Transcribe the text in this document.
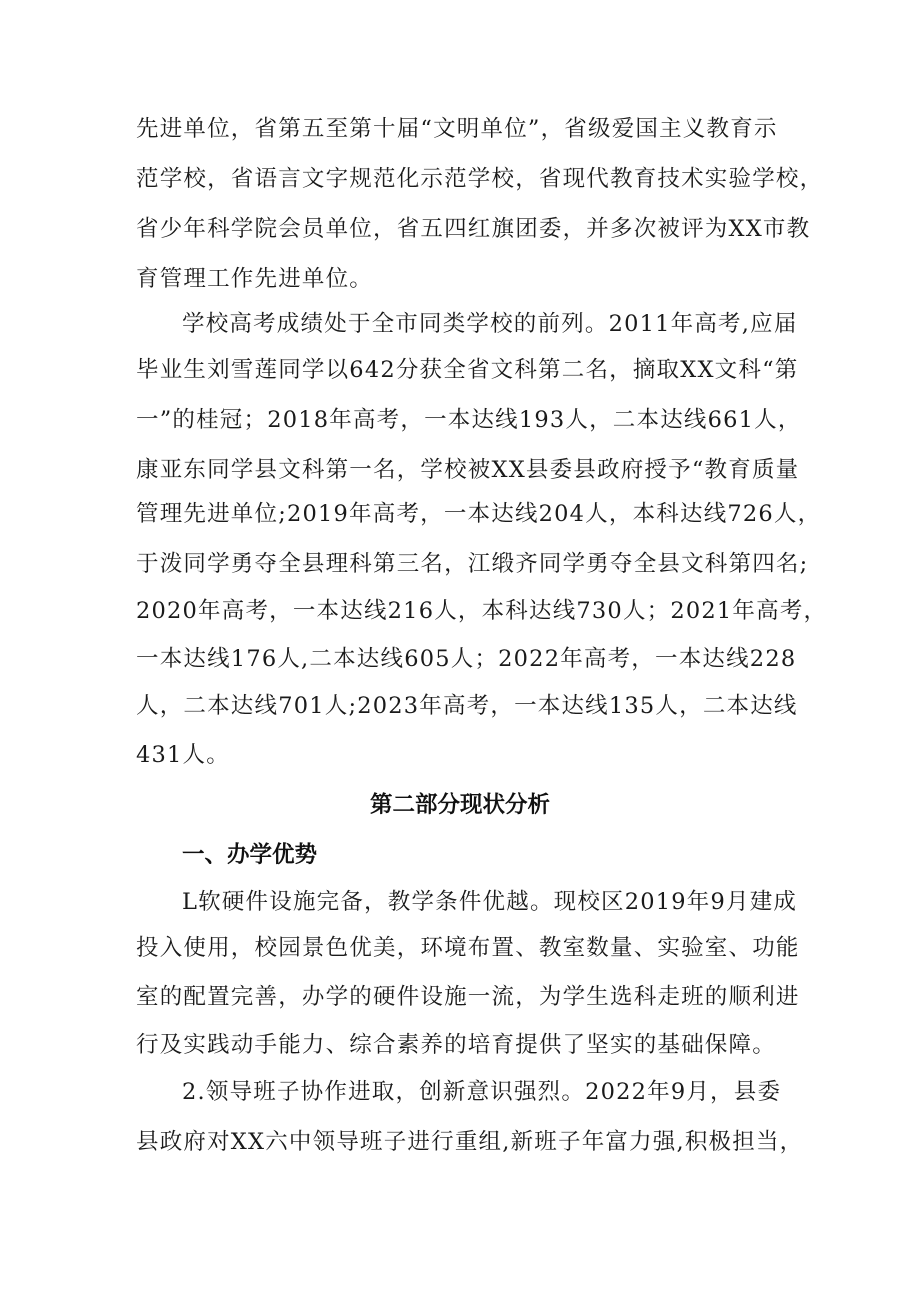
先进单位，省第五至第十届“文明单位”，省级爱国主义教育示
范学校，省语言文字规范化示范学校，省现代教育技术实验学校，
省少年科学院会员单位，省五四红旗团委，并多次被评为XX市教
育管理工作先进单位。
学校高考成绩处于全市同类学校的前列。2011年高考,应届
毕业生刘雪莲同学以642分获全省文科第二名，摘取XX文科“第
一”的桂冠；2018年高考，一本达线193人，二本达线661人，
康亚东同学县文科第一名，学校被XX县委县政府授予“教育质量
管理先进单位;2019年高考，一本达线204人，本科达线726人，
于泼同学勇夺全县理科第三名，江缎齐同学勇夺全县文科第四名;
2020年高考，一本达线216人，本科达线730人；2021年高考，
一本达线176人,二本达线605人；2022年高考，一本达线228
人，二本达线701人;2023年高考，一本达线135人，二本达线
431人。
第二部分现状分析
一、办学优势
L软硬件设施完备，教学条件优越。现校区2019年9月建成
投入使用，校园景色优美，环境布置、教室数量、实验室、功能
室的配置完善，办学的硬件设施一流，为学生选科走班的顺利进
行及实践动手能力、综合素养的培育提供了坚实的基础保障。
2.领导班子协作进取，创新意识强烈。2022年9月，县委
县政府对XX六中领导班子进行重组,新班子年富力强,积极担当，
